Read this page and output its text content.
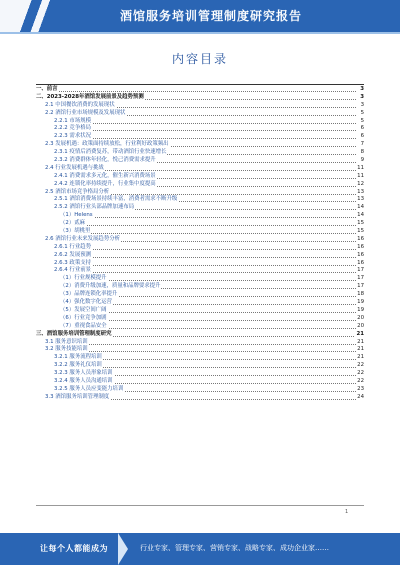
酒馆服务培训管理制度研究报告
内容目录
一、前言	3
二、2023-2028年酒馆发展前景及趋势预测	3
2.1 中国餐饮消费的发展现状	3
2.2 酒馆行业市场规模及发展现状	5
2.2.1 市场规模	5
2.2.2 竞争格局	6
2.2.3 需求状况	6
2.3 发展机遇：政策面持续放松，行业利好政策频出	7
2.3.1 疫情后消费复苏，带动酒馆行业快速增长	8
2.3.2 消费群体年轻化，悦己消费需求提升	9
2.4 行业发展机遇与挑战	11
2.4.1 消费需求多元化，催生新兴消费场景	11
2.4.2 连锁化率持续提升，行业集中度提高	12
2.5 酒馆市场竞争格局分析	13
2.5.1 酒馆消费场景持续丰富，消费者需求不断升级	13
2.5.2 酒馆行业头部品牌加速布局	14
（1）Helens	14
（2）贰麻	15
（3）胡桃里	15
2.6 酒馆行业未来发展趋势分析	16
2.6.1 行业趋势	16
2.6.2 发展预测	16
2.6.3 政策支持	16
2.6.4 行业前景	17
（1）行业规模提升	17
（2）消费升级加速，质量和品牌要求提升	17
（3）品牌连锁化率提升	18
（4）强化数字化运营	19
（5）发展空间广阔	19
（6）行业竞争加剧	20
（7）重视食品安全	20
三、酒馆服务培训管理制度研究	21
3.1 服务意识培训	21
3.2 服务技能培训	21
3.2.1 服务流程培训	21
3.2.2 服务礼仪培训	22
3.2.3 服务人员形象培训	22
3.2.4 服务人员沟通培训	22
3.2.5 服务人员应变能力培训	23
3.3 酒馆服务培训管理制度	24
1
让每个人都能成为	行业专家、管理专家、营销专家、战略专家、成功企业家……
